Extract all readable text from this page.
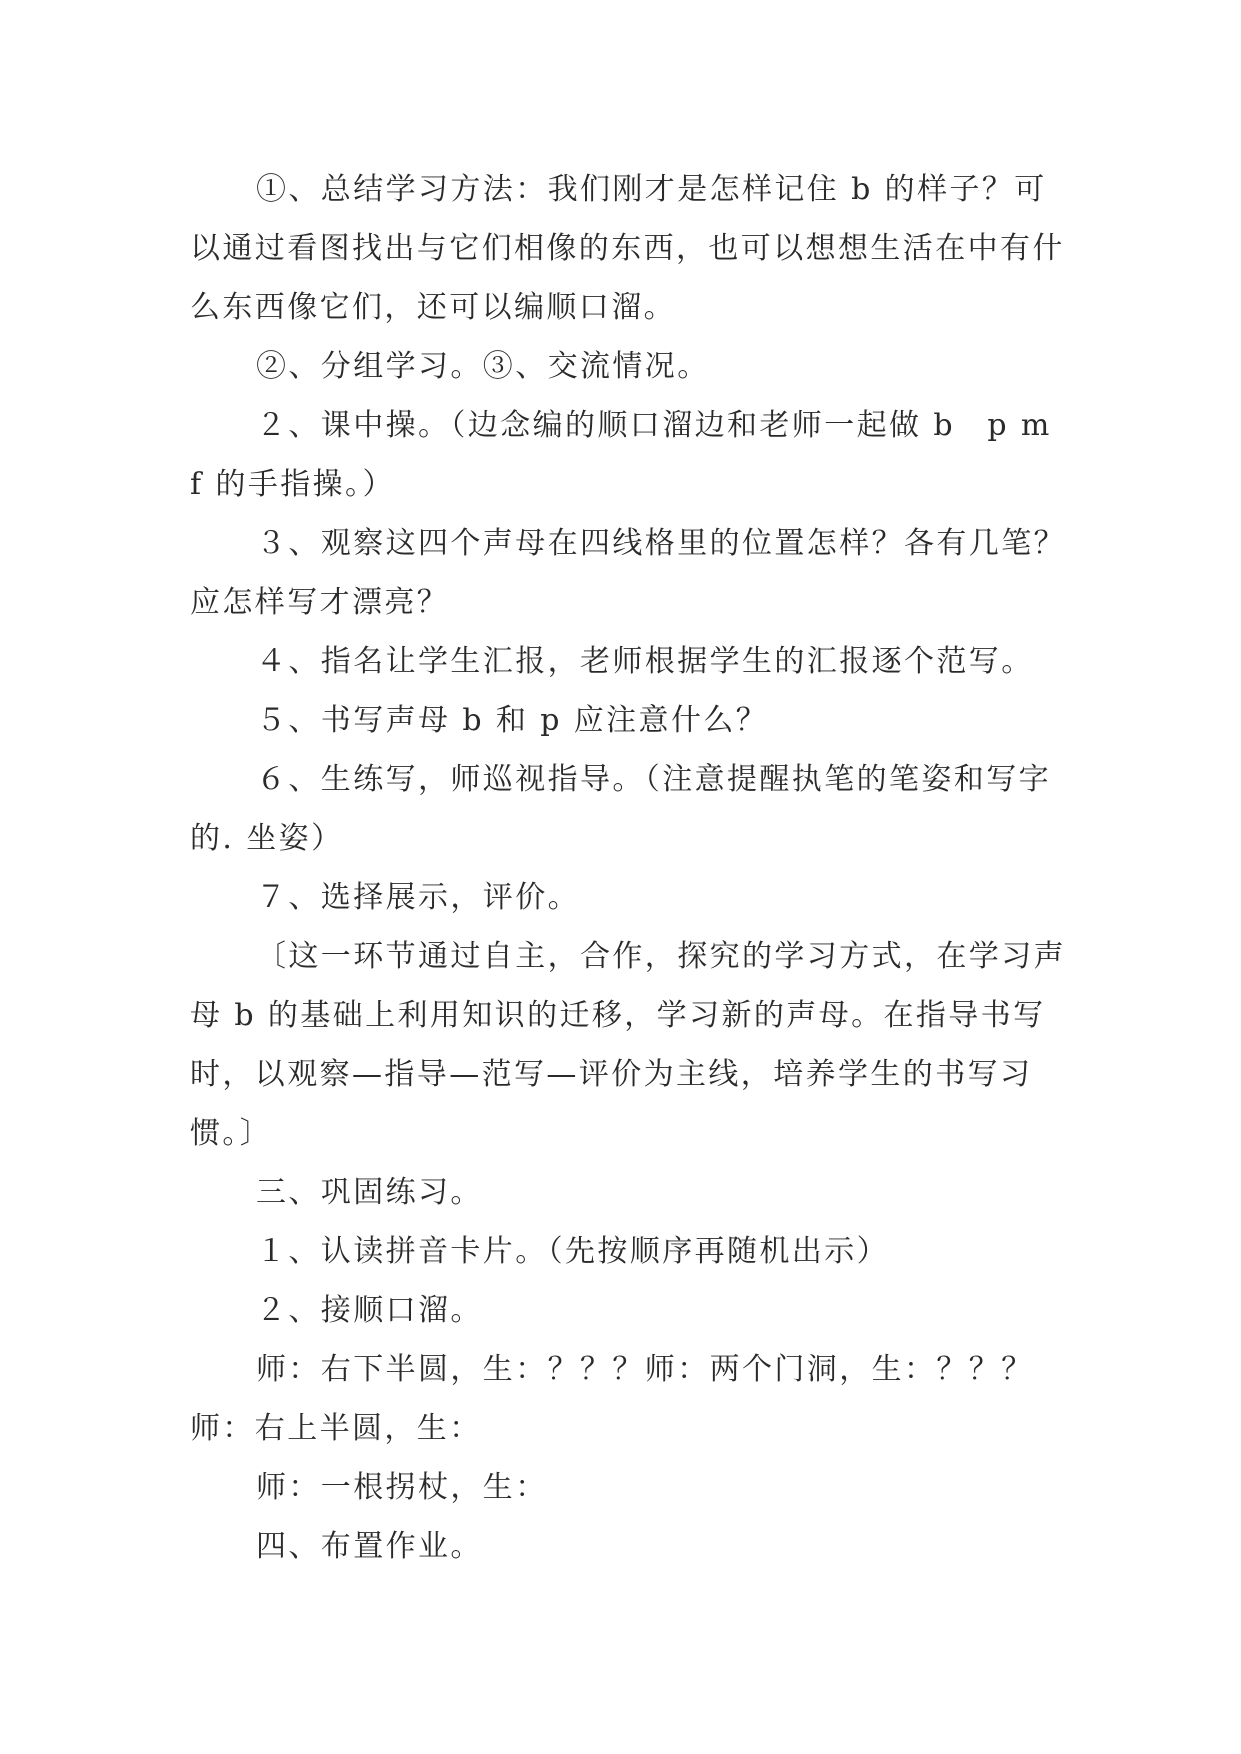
①、总结学习方法：我们刚才是怎样记住 b 的样子？可以通过看图找出与它们相像的东西，也可以想想生活在中有什么东西像它们，还可以编顺口溜。

②、分组学习。③、交流情况。

２、课中操。（边念编的顺口溜边和老师一起做 b　p m f 的手指操。）

３、观察这四个声母在四线格里的位置怎样？各有几笔？应怎样写才漂亮？

４、指名让学生汇报，老师根据学生的汇报逐个范写。

５、书写声母 b 和 p 应注意什么？

６、生练写，师巡视指导。（注意提醒执笔的笔姿和写字的. 坐姿）

７、选择展示，评价。

〔这一环节通过自主，合作，探究的学习方式，在学习声母 b 的基础上利用知识的迁移，学习新的声母。在指导书写时，以观察—指导—范写—评价为主线，培养学生的书写习惯。〕

三、巩固练习。

１、认读拼音卡片。（先按顺序再随机出示）

２、接顺口溜。

师：右下半圆，生：？？？师：两个门洞，生：？？？师：右上半圆，生：

师：一根拐杖，生：

四、布置作业。
